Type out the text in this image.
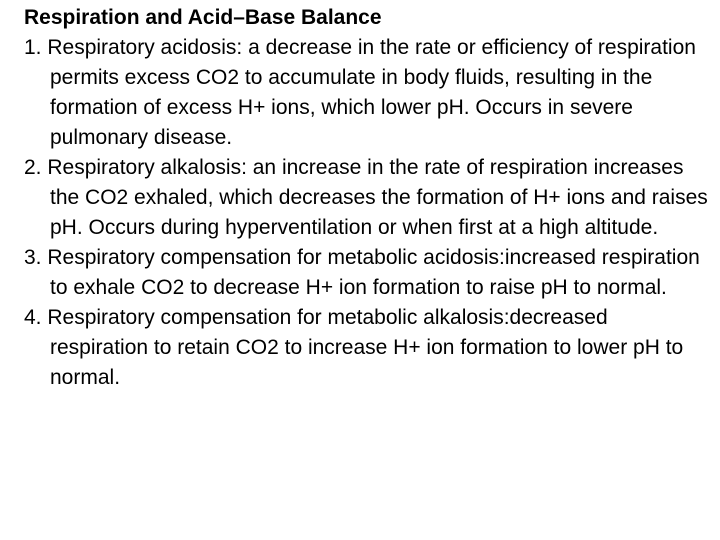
Respiration and Acid–Base Balance
1. Respiratory acidosis: a decrease in the rate or efficiency of respiration permits excess CO2 to accumulate in body fluids, resulting in the formation of excess H+ ions, which lower pH. Occurs in severe pulmonary disease.
2. Respiratory alkalosis: an increase in the rate of respiration increases the CO2 exhaled, which decreases the formation of H+ ions and raises pH. Occurs during hyperventilation or when first at a high altitude.
3. Respiratory compensation for metabolic acidosis:increased respiration to exhale CO2 to decrease H+ ion formation to raise pH to normal.
4. Respiratory compensation for metabolic alkalosis:decreased respiration to retain CO2 to increase H+ ion formation to lower pH to normal.
